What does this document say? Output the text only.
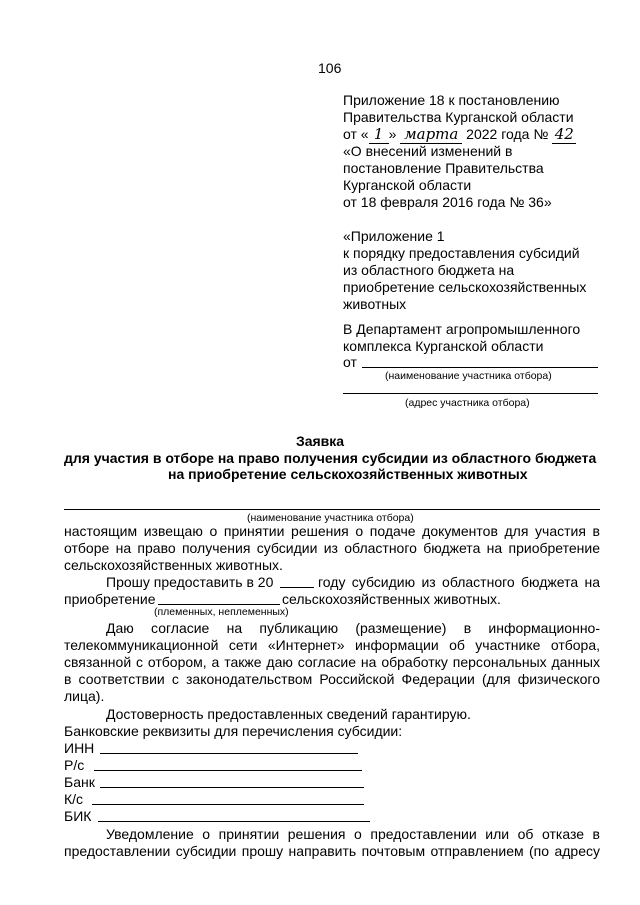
106
Приложение 18 к постановлению
Правительства Курганской области
от « 1 » марта 2022 года № 42
«О внесений изменений в
постановление Правительства
Курганской области
от 18 февраля 2016 года № 36»
«Приложение 1
к порядку предоставления субсидий
из областного бюджета на
приобретение сельскохозяйственных
животных
В Департамент агропромышленного
комплекса Курганской области
от
(наименование участника отбора)
(адрес участника отбора)
Заявка
для участия в отборе на право получения субсидии из областного бюджета
на приобретение сельскохозяйственных животных
(наименование участника отбора)
настоящим извещаю о принятии решения о подаче документов для участия в
отборе на право получения субсидии из областного бюджета на приобретение
сельскохозяйственных животных.
Прошу предоставить в 20	году субсидию из областного бюджета на
приобретение	сельскохозяйственных животных.
(племенных, неплеменных)
Даю согласие на публикацию (размещение) в информационно-
телекоммуникационной сети «Интернет» информации об участнике отбора,
связанной с отбором, а также даю согласие на обработку персональных данных
в соответствии с законодательством Российской Федерации (для физического
лица).
Достоверность предоставленных сведений гарантирую.
Банковские реквизиты для перечисления субсидии:
ИНН
Р/с
Банк
К/с
БИК
Уведомление о принятии решения о предоставлении или об отказе в
предоставлении субсидии прошу направить почтовым отправлением (по адресу
